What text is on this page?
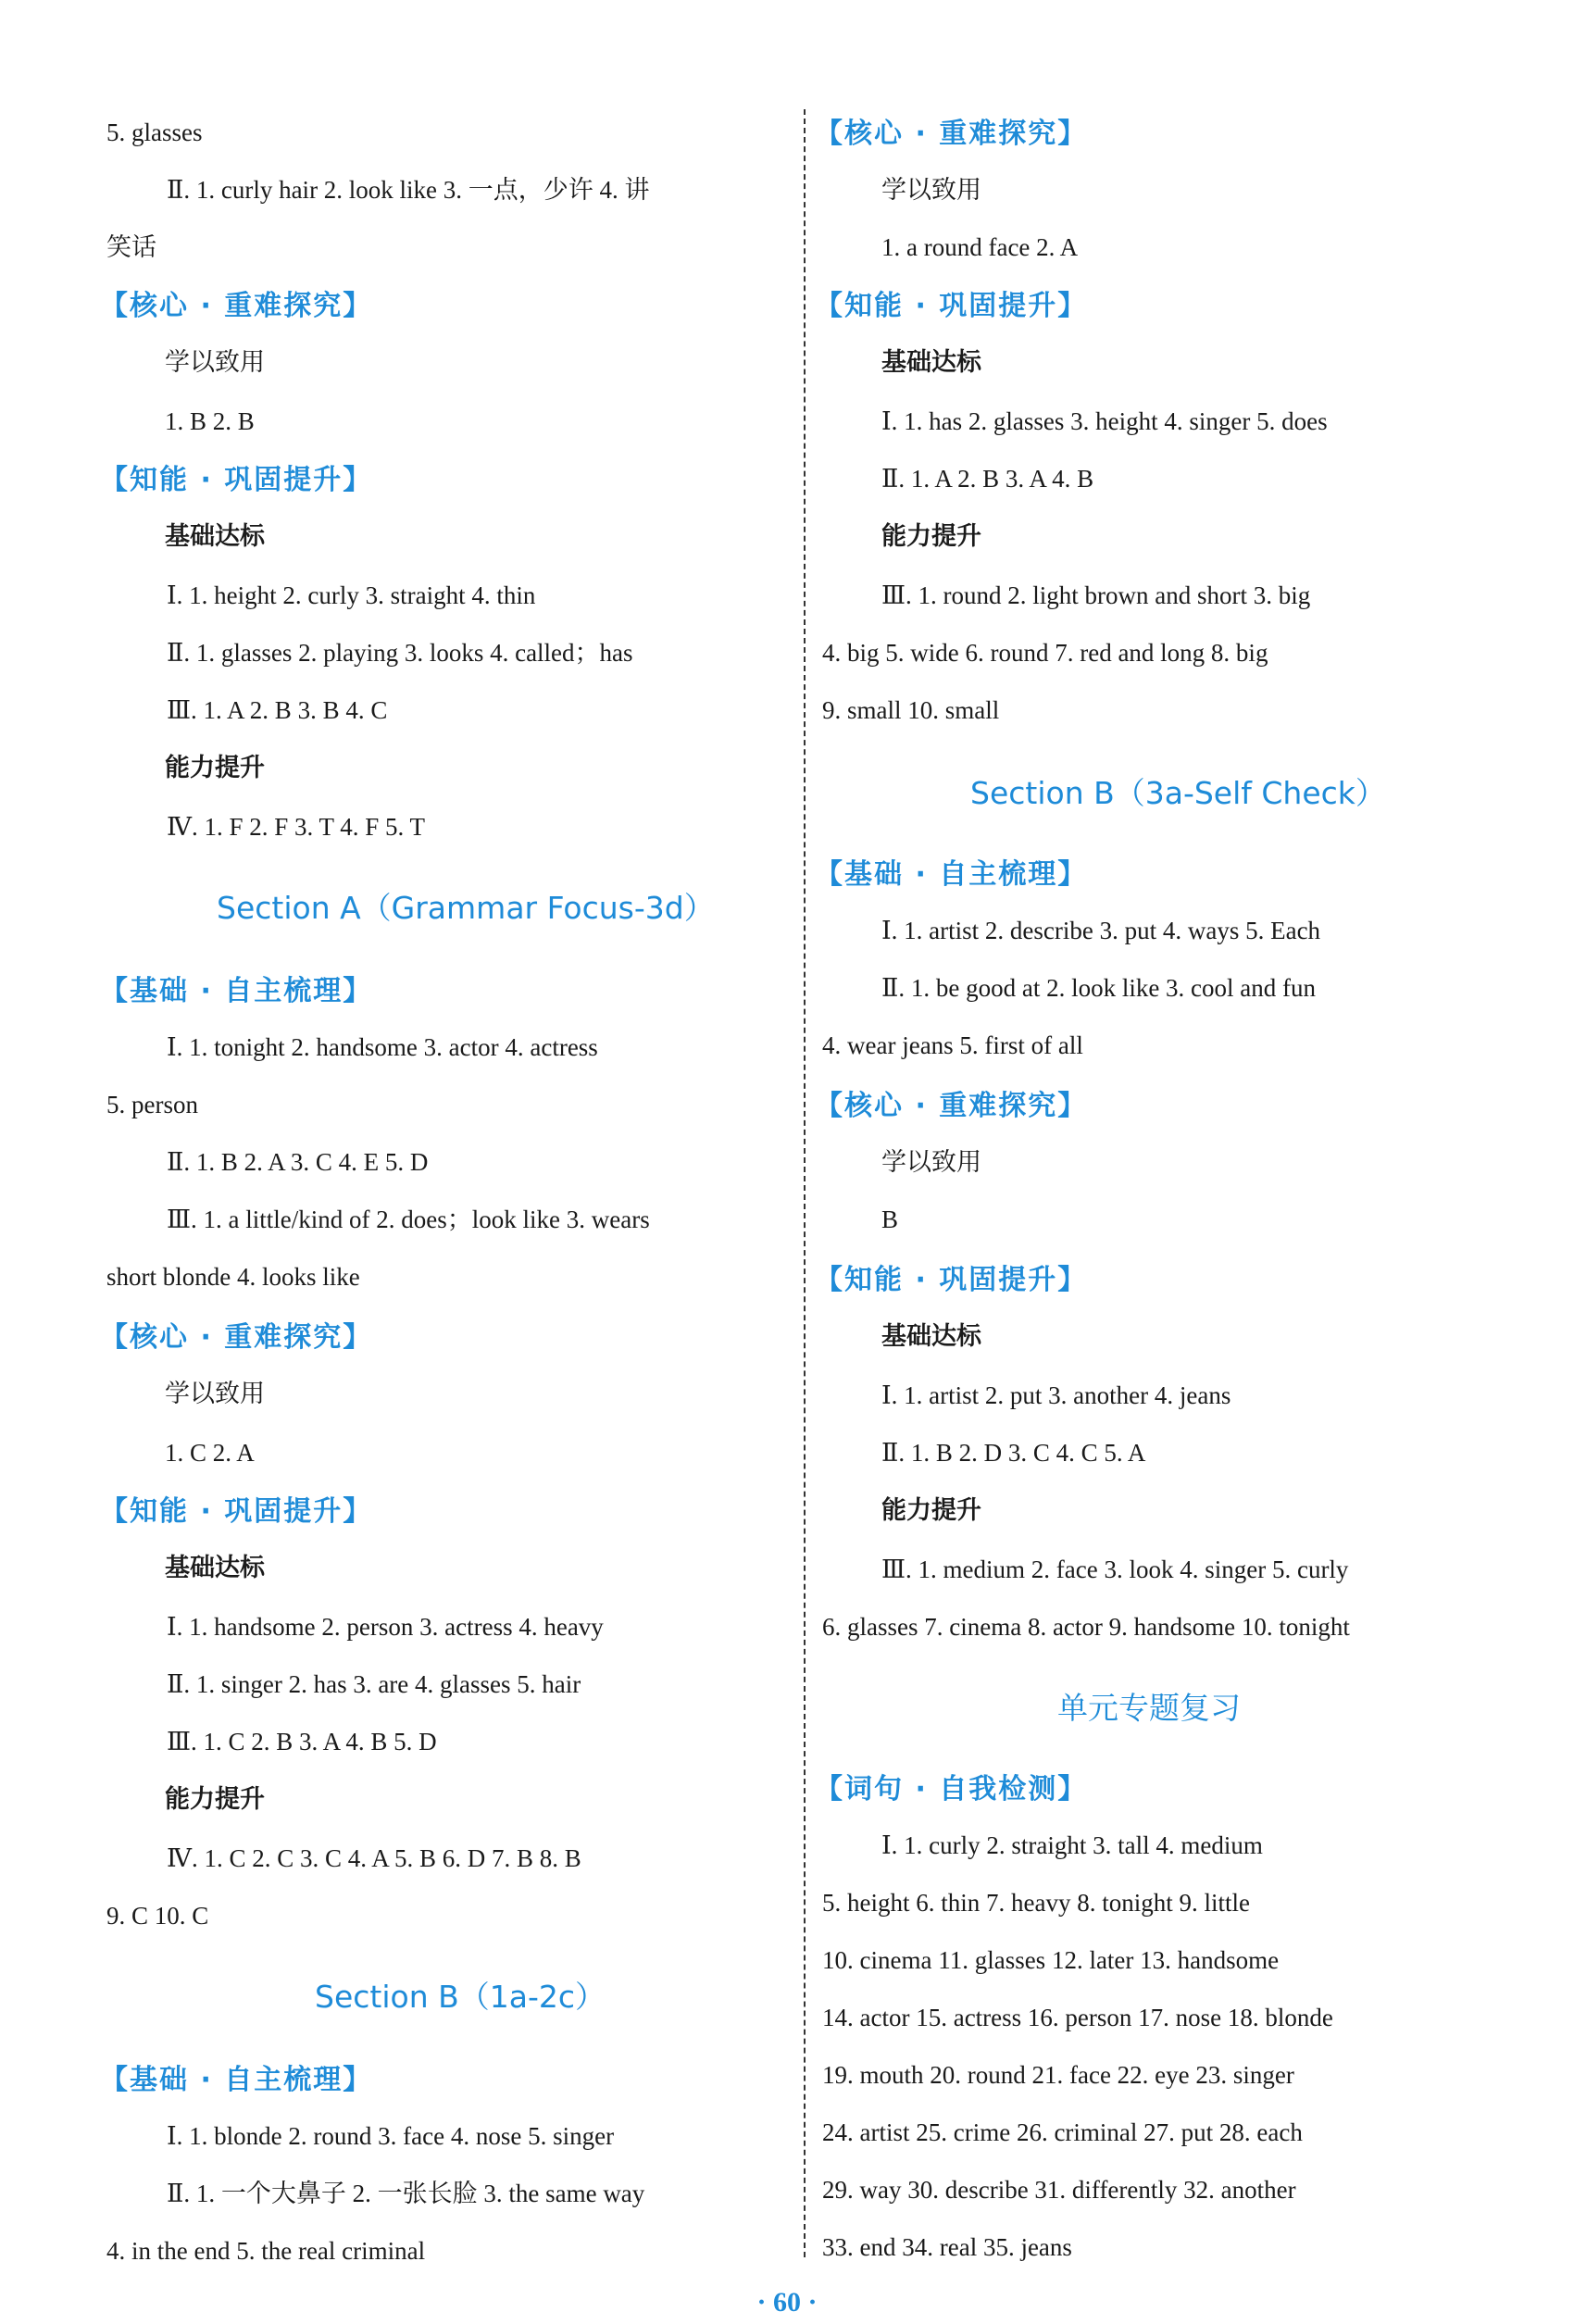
5. glasses
Ⅱ. 1. curly hair 2. look like 3. 一点，少许 4. 讲
笑话
【核心 · 重难探究】
学以致用
1. B 2. B
【知能 · 巩固提升】
基础达标
Ⅰ. 1. height 2. curly 3. straight 4. thin
Ⅱ. 1. glasses 2. playing 3. looks 4. called；has
Ⅲ. 1. A 2. B 3. B 4. C
能力提升
Ⅳ. 1. F 2. F 3. T 4. F 5. T
Section A（Grammar Focus-3d）
【基础 · 自主梳理】
Ⅰ. 1. tonight 2. handsome 3. actor 4. actress
5. person
Ⅱ. 1. B 2. A 3. C 4. E 5. D
Ⅲ. 1. a little/kind of 2. does；look like 3. wears
short blonde 4. looks like
【核心 · 重难探究】
学以致用
1. C 2. A
【知能 · 巩固提升】
基础达标
Ⅰ. 1. handsome 2. person 3. actress 4. heavy
Ⅱ. 1. singer 2. has 3. are 4. glasses 5. hair
Ⅲ. 1. C 2. B 3. A 4. B 5. D
能力提升
Ⅳ. 1. C 2. C 3. C 4. A 5. B 6. D 7. B 8. B
9. C 10. C
Section B（1a-2c）
【基础 · 自主梳理】
Ⅰ. 1. blonde 2. round 3. face 4. nose 5. singer
Ⅱ. 1. 一个大鼻子 2. 一张长脸 3. the same way
4. in the end 5. the real criminal
【核心 · 重难探究】
学以致用
1. a round face 2. A
【知能 · 巩固提升】
基础达标
Ⅰ. 1. has 2. glasses 3. height 4. singer 5. does
Ⅱ. 1. A 2. B 3. A 4. B
能力提升
Ⅲ. 1. round 2. light brown and short 3. big
4. big 5. wide 6. round 7. red and long 8. big
9. small 10. small
Section B（3a-Self Check）
【基础 · 自主梳理】
Ⅰ. 1. artist 2. describe 3. put 4. ways 5. Each
Ⅱ. 1. be good at 2. look like 3. cool and fun
4. wear jeans 5. first of all
【核心 · 重难探究】
学以致用
B
【知能 · 巩固提升】
基础达标
Ⅰ. 1. artist 2. put 3. another 4. jeans
Ⅱ. 1. B 2. D 3. C 4. C 5. A
能力提升
Ⅲ. 1. medium 2. face 3. look 4. singer 5. curly
6. glasses 7. cinema 8. actor 9. handsome 10. tonight
单元专题复习
【词句 · 自我检测】
Ⅰ. 1. curly 2. straight 3. tall 4. medium
5. height 6. thin 7. heavy 8. tonight 9. little
10. cinema 11. glasses 12. later 13. handsome
14. actor 15. actress 16. person 17. nose 18. blonde
19. mouth 20. round 21. face 22. eye 23. singer
24. artist 25. crime 26. criminal 27. put 28. each
29. way 30. describe 31. differently 32. another
33. end 34. real 35. jeans
· 60 ·
